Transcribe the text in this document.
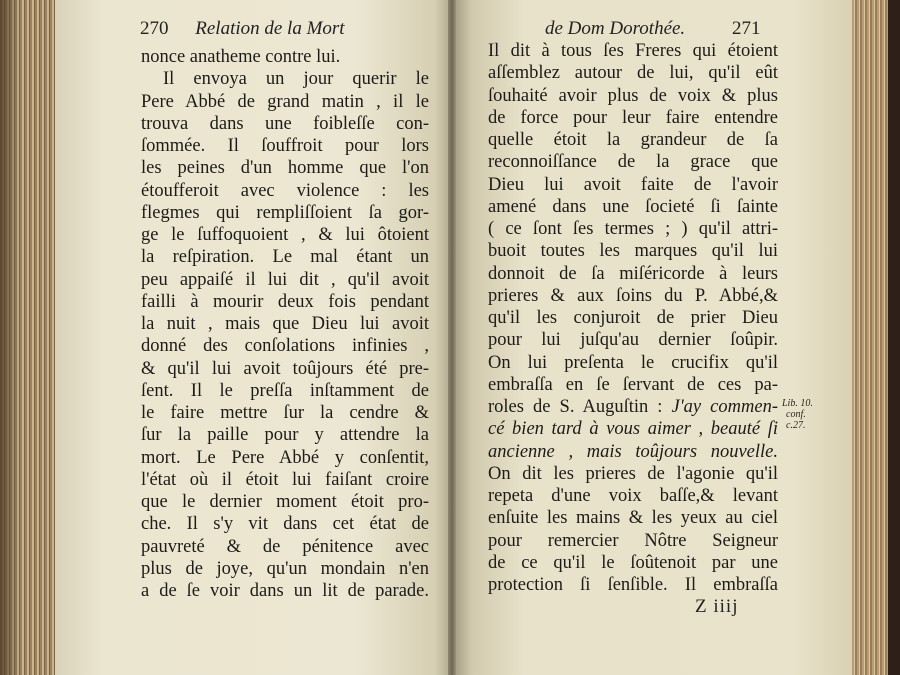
270 Relation de la Mort	de Dom Dorothée. 271
nonce anatheme contre lui.
Il envoya un jour querir le
Pere Abbé de grand matin , il le
trouva dans une foibleſſe con-
ſommée. Il ſouffroit pour lors
les peines d'un homme que l'on
étoufferoit avec violence : les
flegmes qui rempliſſoient ſa gor-
ge le ſuffoquoient , & lui ôtoient
la reſpiration. Le mal étant un
peu appaiſé il lui dit , qu'il avoit
failli à mourir deux fois pendant
la nuit , mais que Dieu lui avoit
donné des conſolations infinies ,
& qu'il lui avoit toûjours été pre-
ſent. Il le preſſa inſtamment de
le faire mettre ſur la cendre &
ſur la paille pour y attendre la
mort. Le Pere Abbé y conſentit,
l'état où il étoit lui faiſant croire
que le dernier moment étoit pro-
che. Il s'y vit dans cet état de
pauvreté & de pénitence avec
plus de joye, qu'un mondain n'en
a de ſe voir dans un lit de parade.
Il dit à tous ſes Freres qui étoient
aſſemblez autour de lui, qu'il eût
ſouhaité avoir plus de voix & plus
de force pour leur faire entendre
quelle étoit la grandeur de ſa
reconnoiſſance de la grace que
Dieu lui avoit faite de l'avoir
amené dans une ſocieté ſi ſainte
( ce ſont ſes termes ; ) qu'il attri-
buoit toutes les marques qu'il lui
donnoit de ſa miſéricorde à leurs
prieres & aux ſoins du P. Abbé,&
qu'il les conjuroit de prier Dieu
pour lui juſqu'au dernier ſoûpir.
On lui preſenta le crucifix qu'il
embraſſa en ſe ſervant de ces pa-
roles de S. Auguſtin : J'ay commen-
cé bien tard à vous aimer , beauté ſi
ancienne , mais toûjours nouvelle.
On dit les prieres de l'agonie qu'il
repeta d'une voix baſſe,& levant
enſuite les mains & les yeux au ciel
pour remercier Nôtre Seigneur
de ce qu'il le ſoûtenoit par une
protection ſi ſenſible. Il embraſſa
Lib. 10.
conf.
c.27.
Z iiij
